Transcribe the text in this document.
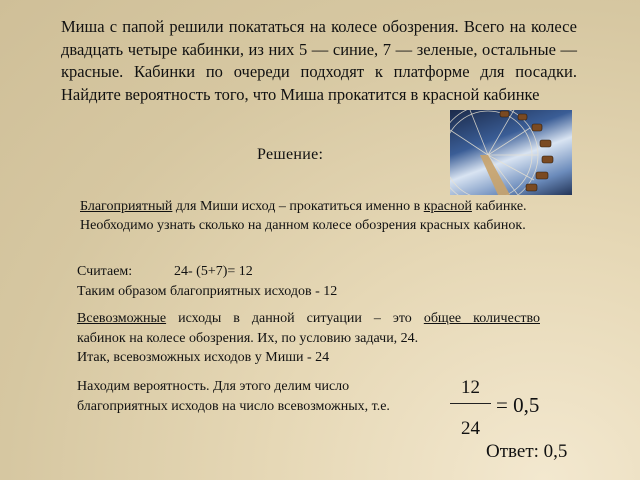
Миша с папой решили покататься на колесе обозрения. Всего на колесе двадцать четыре кабинки, из них 5 — синие, 7 — зеленые, остальные — красные. Кабинки по очереди подходят к платформе для посадки. Найдите вероятность того, что Миша прокатится в красной кабинке
Решение:
Благоприятный для Миши исход – прокатиться именно в красной кабинке. Необходимо узнать сколько на данном колесе обозрения красных кабинок.
Считаем:	24- (5+7)= 12
Таким образом благоприятных исходов - 12
Всевозможные исходы в данной ситуации – это общее количество
кабинок на колесе обозрения. Их, по условию задачи, 24.
Итак, всевозможных исходов у Миши - 24
Находим вероятность. Для этого делим число
благоприятных исходов на число всевозможных, т.е.
12
24
= 0,5
Ответ: 0,5
